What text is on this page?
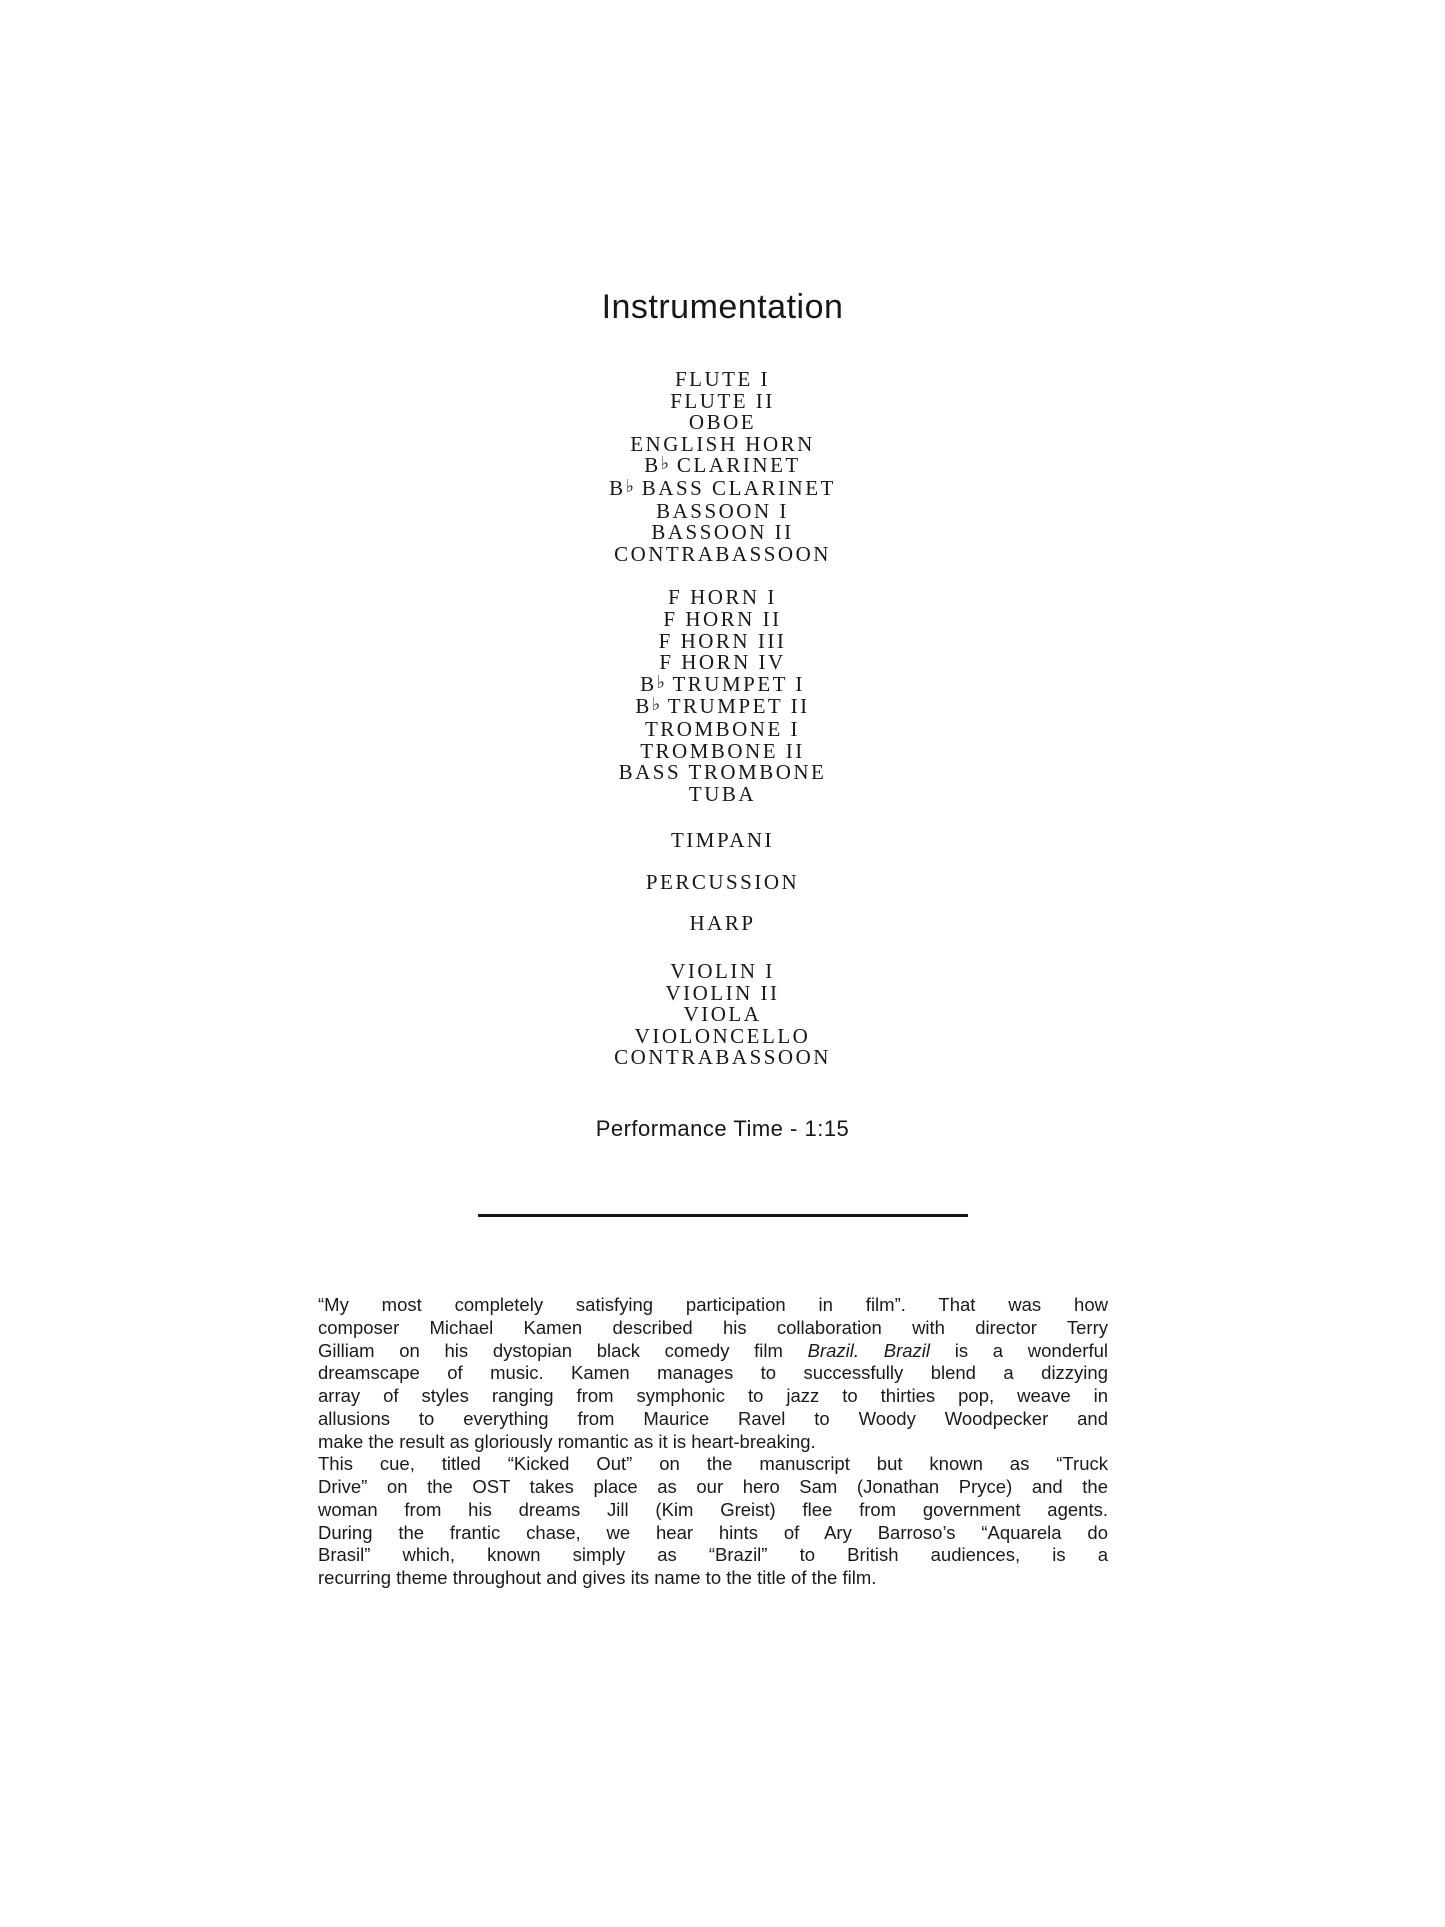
Instrumentation
FLUTE I
FLUTE II
OBOE
ENGLISH HORN
B♭ CLARINET
B♭ BASS CLARINET
BASSOON I
BASSOON II
CONTRABASSOON
F HORN I
F HORN II
F HORN III
F HORN IV
B♭ TRUMPET I
B♭ TRUMPET II
TROMBONE I
TROMBONE II
BASS TROMBONE
TUBA
TIMPANI
PERCUSSION
HARP
VIOLIN I
VIOLIN II
VIOLA
VIOLONCELLO
CONTRABASSOON
Performance Time - 1:15
“My most completely satisfying participation in film”. That was how
composer Michael Kamen described his collaboration with director Terry
Gilliam on his dystopian black comedy film Brazil. Brazil is a wonderful
dreamscape of music. Kamen manages to successfully blend a dizzying
array of styles ranging from symphonic to jazz to thirties pop, weave in
allusions to everything from Maurice Ravel to Woody Woodpecker and
make the result as gloriously romantic as it is heart-breaking.
This cue, titled “Kicked Out” on the manuscript but known as “Truck
Drive” on the OST takes place as our hero Sam (Jonathan Pryce) and the
woman from his dreams Jill (Kim Greist) flee from government agents.
During the frantic chase, we hear hints of Ary Barroso’s “Aquarela do
Brasil” which, known simply as “Brazil” to British audiences, is a
recurring theme throughout and gives its name to the title of the film.
